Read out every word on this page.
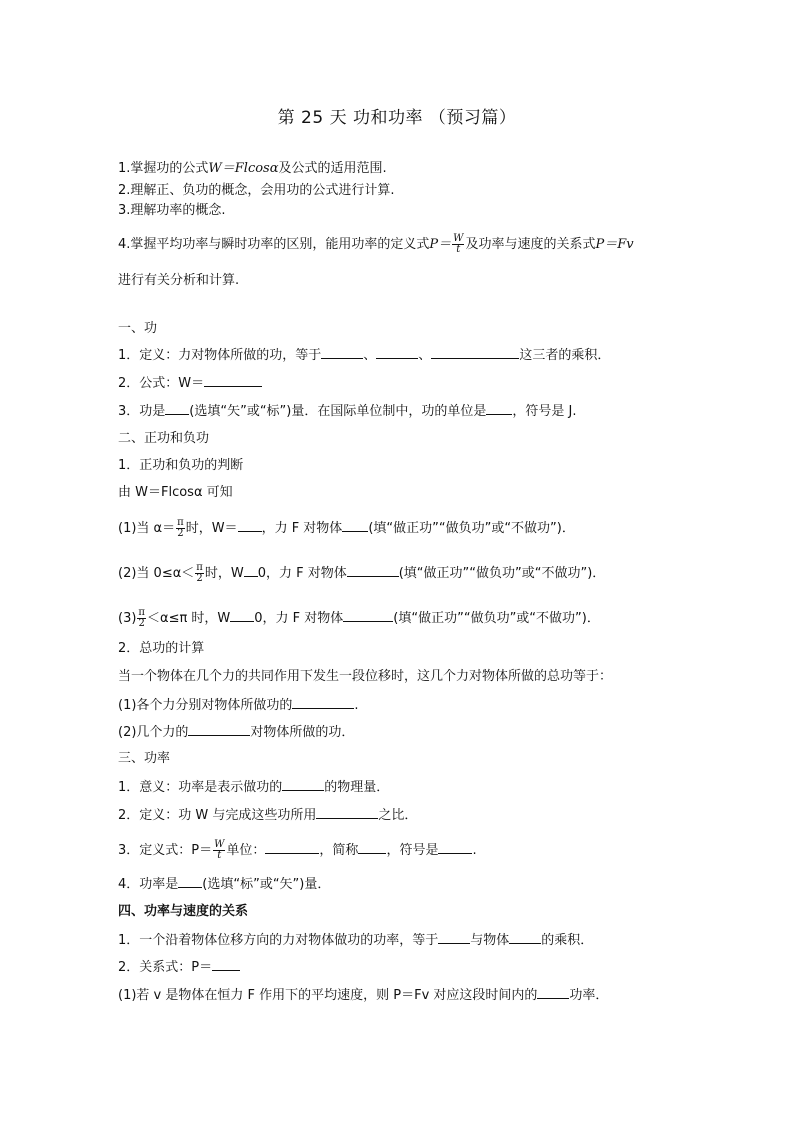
第 25 天 功和功率 （预习篇）
1.掌握功的公式W＝Flcosα及公式的适用范围.
2.理解正、负功的概念，会用功的公式进行计算.
3.理解功率的概念.
4.掌握平均功率与瞬时功率的区别，能用功率的定义式$P= \frac{W}{t}$ 及功率与速度的关系式P＝Fv
进行有关分析和计算.
一、功
1．定义：力对物体所做的功，等于	、	、	这三者的乘积．
2．公式：W＝
3．功是 (选填“矢”或“标”)量．在国际单位制中，功的单位是 ，符号是 J.
二、正功和负功
1．正功和负功的判断
由 W＝Flcosα 可知
(1)当 $\alpha= \frac{\pi}{2}$ 时，W＝ ，力 F 对物体 (填“做正功”“做负功”或“不做功”)．
(2)当 $0\le\alpha< \frac{\pi}{2}$ 时，W 0，力 F 对物体	(填“做正功”“做负功”或“不做功”)．
$(3) \frac{\pi}{2} <\alpha\le\pi$ 时，W 0，力 F 对物体	(填“做正功”“做负功”或“不做功”)．
2．总功的计算
当一个物体在几个力的共同作用下发生一段位移时，这几个力对物体所做的总功等于：
(1)各个力分别对物体所做功的	.
(2)几个力的	对物体所做的功．
三、功率
1．意义：功率是表示做功的	的物理量．
2．定义：功 W 与完成这些功所用	之比．
3．定义式：$P= \frac{W}{t}$ 单位：	，简称 ，符号是	.
4．功率是 (选填“标”或“矢”)量．
四、功率与速度的关系
1．一个沿着物体位移方向的力对物体做功的功率，等于 与物体 的乘积．
2．关系式：P＝
(1)若 v 是物体在恒力 F 作用下的平均速度，则 P＝Fv 对应这段时间内的 功率．
